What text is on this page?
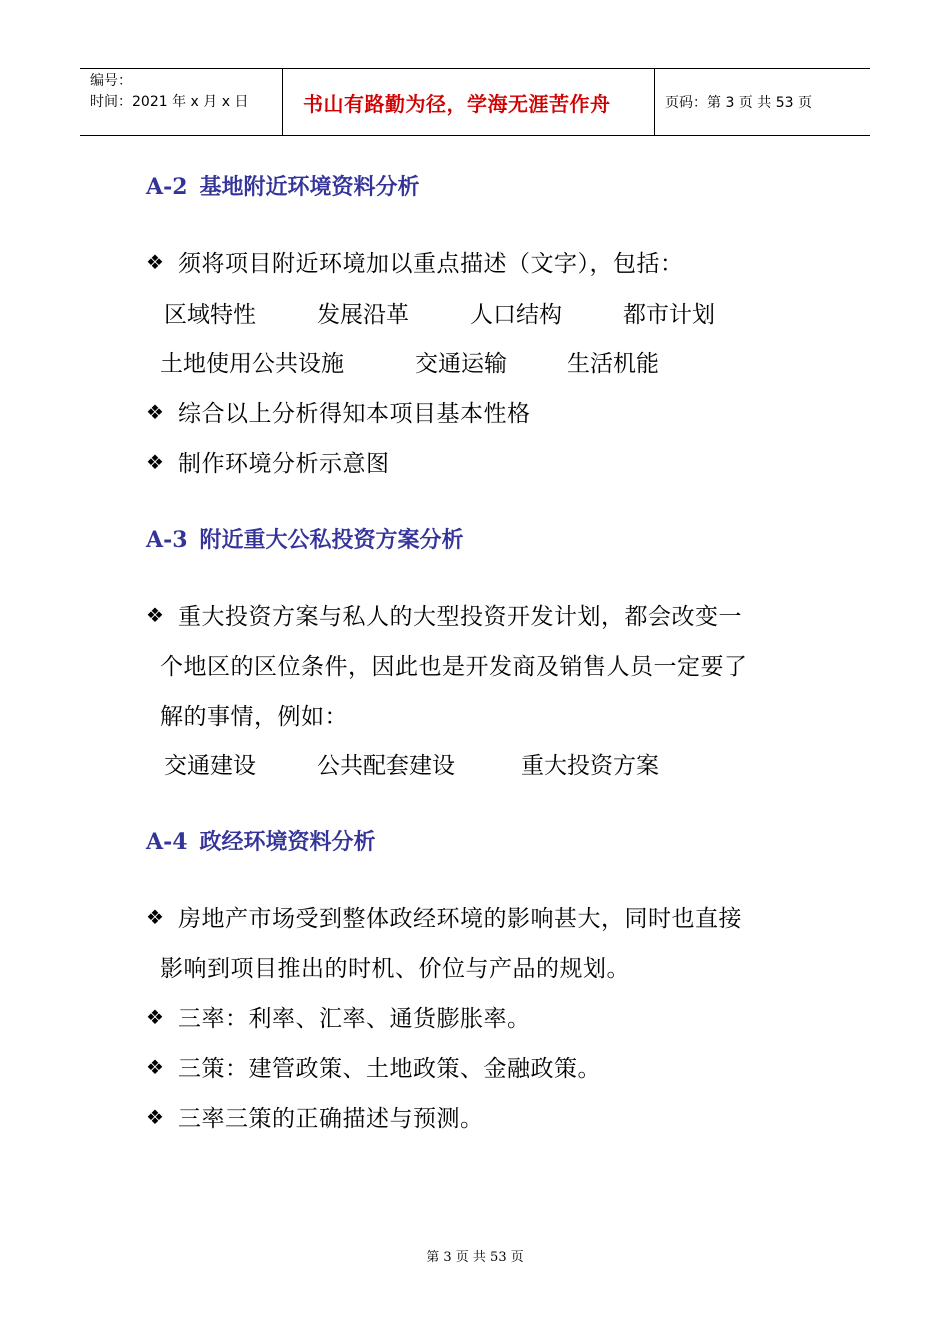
编号：
时间：2021 年 x 月 x 日	书山有路勤为径，学海无涯苦作舟	页码：第 3 页 共 53 页
A-2 基地附近环境资料分析
❖ 须将项目附近环境加以重点描述（文字），包括：
区域特性	发展沿革	人口结构	都市计划
土地使用公共设施	交通运输	生活机能
❖ 综合以上分析得知本项目基本性格
❖ 制作环境分析示意图
A-3 附近重大公私投资方案分析
❖ 重大投资方案与私人的大型投资开发计划，都会改变一
个地区的区位条件，因此也是开发商及销售人员一定要了
解的事情，例如：
交通建设	公共配套建设	重大投资方案
A-4 政经环境资料分析
❖ 房地产市场受到整体政经环境的影响甚大，同时也直接
影响到项目推出的时机、价位与产品的规划。
❖ 三率：利率、汇率、通货膨胀率。
❖ 三策：建管政策、土地政策、金融政策。
❖ 三率三策的正确描述与预测。
第 3 页 共 53 页
